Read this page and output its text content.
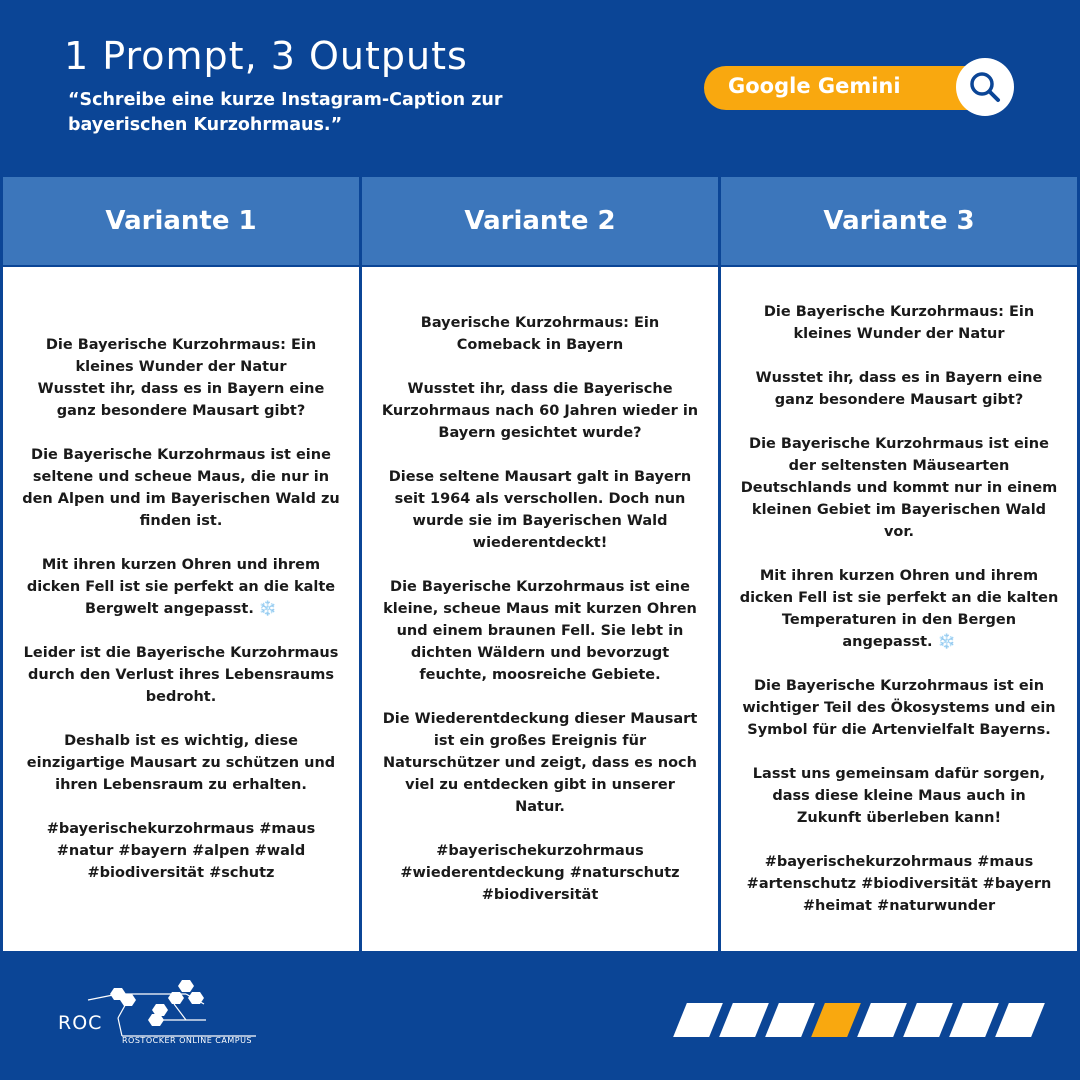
1 Prompt, 3 Outputs
“Schreibe eine kurze Instagram-Caption zur bayerischen Kurzohrmaus.”
Google Gemini
Variante 1

Die Bayerische Kurzohrmaus: Ein kleines Wunder der Natur
Wusstet ihr, dass es in Bayern eine ganz besondere Mausart gibt?

Die Bayerische Kurzohrmaus ist eine seltene und scheue Maus, die nur in den Alpen und im Bayerischen Wald zu finden ist.

Mit ihren kurzen Ohren und ihrem dicken Fell ist sie perfekt an die kalte Bergwelt angepasst. ❄️

Leider ist die Bayerische Kurzohrmaus durch den Verlust ihres Lebensraums bedroht.

Deshalb ist es wichtig, diese einzigartige Mausart zu schützen und ihren Lebensraum zu erhalten.

#bayerischekurzohrmaus #maus #natur #bayern #alpen #wald #biodiversität #schutz

Variante 2

Bayerische Kurzohrmaus: Ein Comeback in Bayern

Wusstet ihr, dass die Bayerische Kurzohrmaus nach 60 Jahren wieder in Bayern gesichtet wurde?

Diese seltene Mausart galt in Bayern seit 1964 als verschollen. Doch nun wurde sie im Bayerischen Wald wiederentdeckt!

Die Bayerische Kurzohrmaus ist eine kleine, scheue Maus mit kurzen Ohren und einem braunen Fell. Sie lebt in dichten Wäldern und bevorzugt feuchte, moosreiche Gebiete.

Die Wiederentdeckung dieser Mausart ist ein großes Ereignis für Naturschützer und zeigt, dass es noch viel zu entdecken gibt in unserer Natur.

#bayerischekurzohrmaus #wiederentdeckung #naturschutz #biodiversität

Variante 3

Die Bayerische Kurzohrmaus: Ein kleines Wunder der Natur

Wusstet ihr, dass es in Bayern eine ganz besondere Mausart gibt?

Die Bayerische Kurzohrmaus ist eine der seltensten Mäusearten Deutschlands und kommt nur in einem kleinen Gebiet im Bayerischen Wald vor.

Mit ihren kurzen Ohren und ihrem dicken Fell ist sie perfekt an die kalten Temperaturen in den Bergen angepasst. ❄️

Die Bayerische Kurzohrmaus ist ein wichtiger Teil des Ökosystems und ein Symbol für die Artenvielfalt Bayerns.

Lasst uns gemeinsam dafür sorgen, dass diese kleine Maus auch in Zukunft überleben kann!

#bayerischekurzohrmaus #maus #artenschutz #biodiversität #bayern #heimat #naturwunder

ROC
ROSTOCKER ONLINE CAMPUS
